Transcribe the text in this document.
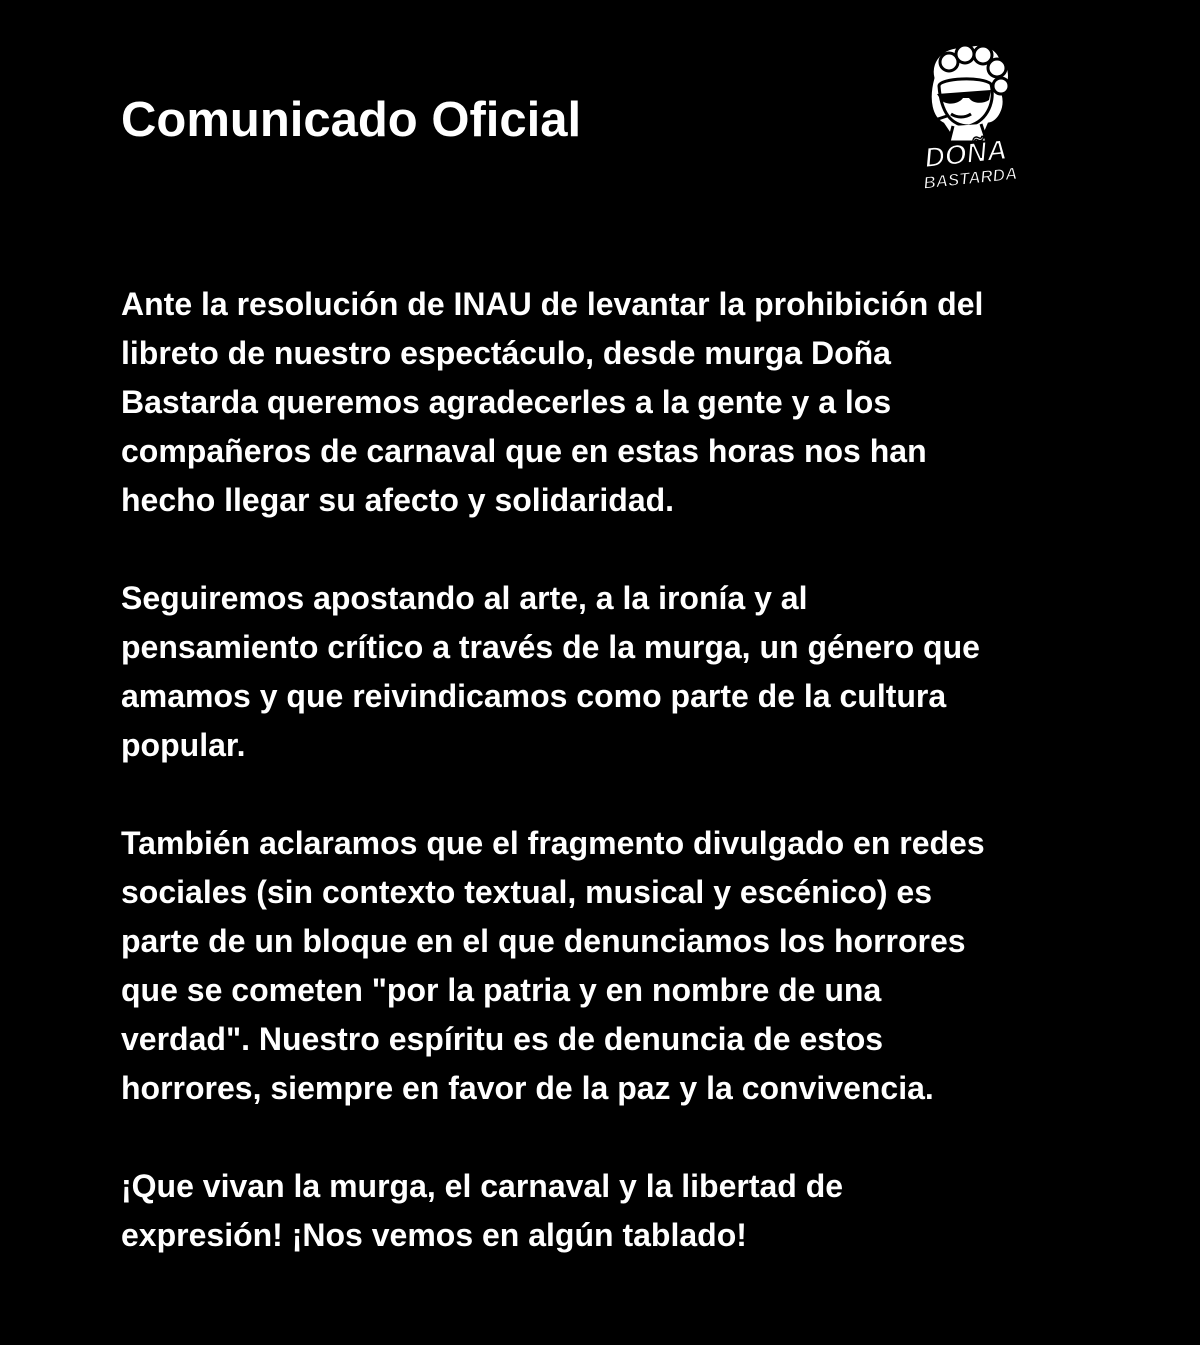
Comunicado Oficial
DOÑA
BASTARDA

Ante la resolución de INAU de levantar la prohibición del
libreto de nuestro espectáculo, desde murga Doña
Bastarda queremos agradecerles a la gente y a los
compañeros de carnaval que en estas horas nos han
hecho llegar su afecto y solidaridad.

Seguiremos apostando al arte, a la ironía y al
pensamiento crítico a través de la murga, un género que
amamos y que reivindicamos como parte de la cultura
popular.

También aclaramos que el fragmento divulgado en redes
sociales (sin contexto textual, musical y escénico) es
parte de un bloque en el que denunciamos los horrores
que se cometen "por la patria y en nombre de una
verdad". Nuestro espíritu es de denuncia de estos
horrores, siempre en favor de la paz y la convivencia.

¡Que vivan la murga, el carnaval y la libertad de
expresión! ¡Nos vemos en algún tablado!
